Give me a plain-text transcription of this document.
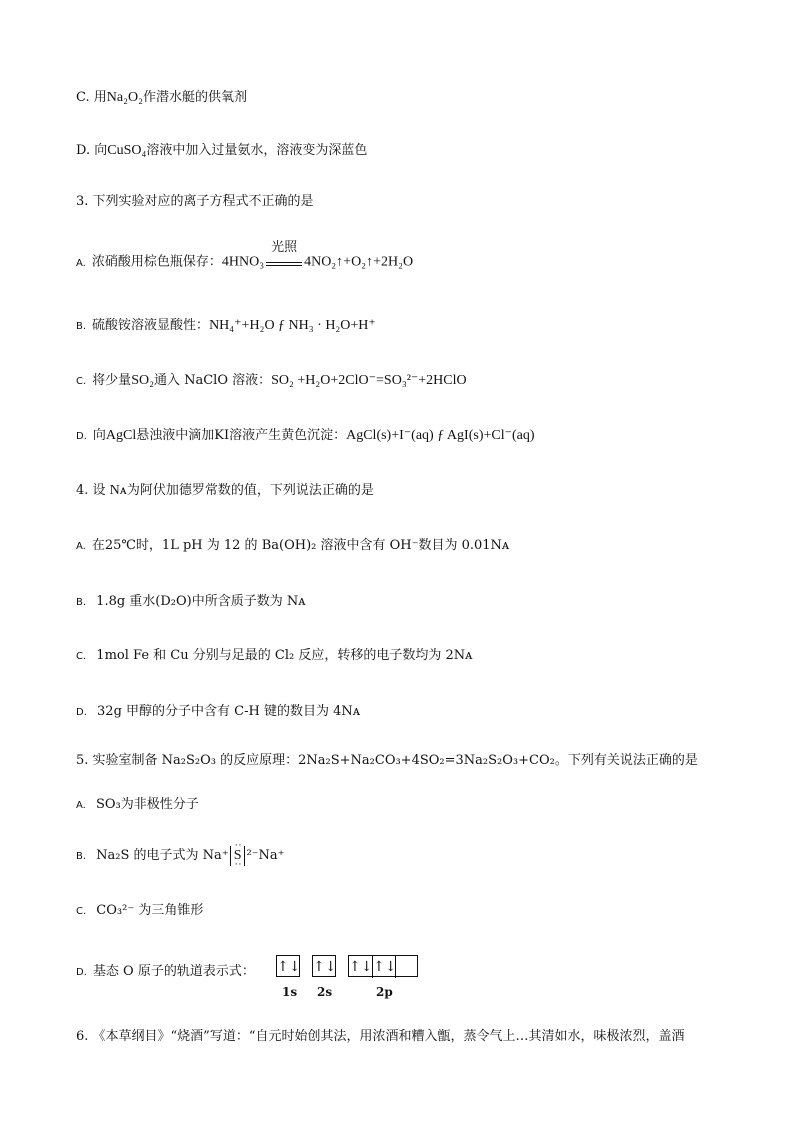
C. 用Na₂O₂作潜水艇的供氧剂
D. 向CuSO₄溶液中加入过量氨水，溶液变为深蓝色
3. 下列实验对应的离子方程式不正确的是
A. 浓硝酸用棕色瓶保存：4HNO₃
光照
4NO₂↑+O₂↑+2H₂O
B. 硫酸铵溶液显酸性：NH₄⁺+H₂O ƒ NH₃ · H₂O+H⁺
C. 将少量SO₂通入 NaClO 溶液：SO₂ +H₂O+2ClO⁻=SO₃²⁻+2HClO
D. 向AgCl悬浊液中滴加KI溶液产生黄色沉淀：AgCl(s)+I⁻(aq) ƒ AgI(s)+Cl⁻(aq)
4. 设 Nᴀ为阿伏加德罗常数的值，下列说法正确的是
A. 在25℃时，1L pH 为 12 的 Ba(OH)₂ 溶液中含有 OH⁻数目为 0.01Nᴀ
B. 1.8g 重水(D₂O)中所含质子数为 Nᴀ
C. 1mol Fe 和 Cu 分别与足最的 Cl₂ 反应，转移的电子数均为 2Nᴀ
D. 32g 甲醇的分子中含有 C-H 键的数目为 4Nᴀ
5. 实验室制备 Na₂S₂O₃ 的反应原理：2Na₂S+Na₂CO₃+4SO₂=3Na₂S₂O₃+CO₂。下列有关说法正确的是
A. SO₃为非极性分子
B. Na₂S 的电子式为 Na⁺
··
S
··
²⁻Na⁺
C. CO₃²⁻ 为三角锥形
D. 基态 O 原子的轨道表示式： ↑↓
1s
↑↓
2s
↑↓ ↑↓
2p
6. 《本草纲目》“烧酒”写道：“自元时始创其法，用浓酒和糟入甑，蒸令气上…其清如水，味极浓烈，盖酒
